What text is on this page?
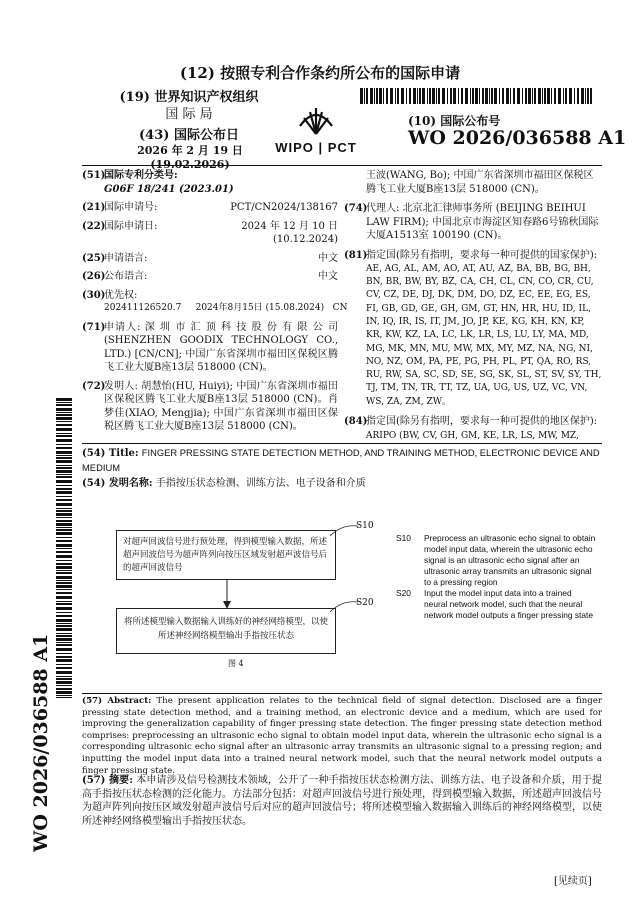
(12) 按照专利合作条约所公布的国际申请
(19) 世界知识产权组织
国 际 局
WIPO | PCT
(43) 国际公布日
2026 年 2 月 19 日 (19.02.2026)
(10) 国际公布号
WO 2026/036588 A1
WO 2026/036588 A1
(51)
国际专利分类号:
G06F 18/241 (2023.01)
(21)
国际申请号:	PCT/CN2024/138167
(22)
国际申请日:	2024 年 12 月 10 日 (10.12.2024)
(25)
申请语言:	中文
(26)
公布语言:	中文
(30)
优先权:
202411126520.7     2024年8月15日 (15.08.2024)   CN
(71)
申请人: 深 圳 市 汇 顶 科 技 股 份 有 限 公 司 (SHENZHEN GOODIX TECHNOLOGY CO., LTD.) [CN/CN]; 中国广东省深圳市福田区保税区腾飞工业大厦B座13层 518000 (CN)。
(72)
发明人: 胡慧怡(HU, Huiyi); 中国广东省深圳市福田区保税区腾飞工业大厦B座13层 518000 (CN)。肖梦佳(XIAO, Mengjia); 中国广东省深圳市福田区保税区腾飞工业大厦B座13层 518000 (CN)。
王波(WANG, Bo); 中国广东省深圳市福田区保税区腾飞工业大厦B座13层 518000 (CN)。
(74)
代理人: 北京北汇律师事务所 (BEIJING BEIHUI LAW FIRM); 中国北京市海淀区知春路6号锦秋国际大厦A1513室 100190 (CN)。
(81)
指定国(除另有指明，要求每一种可提供的国家保护): AE, AG, AL, AM, AO, AT, AU, AZ, BA, BB, BG, BH, BN, BR, BW, BY, BZ, CA, CH, CL, CN, CO, CR, CU, CV, CZ, DE, DJ, DK, DM, DO, DZ, EC, EE, EG, ES, FI, GB, GD, GE, GH, GM, GT, HN, HR, HU, ID, IL, IN, IQ, IR, IS, IT, JM, JO, JP, KE, KG, KH, KN, KP, KR, KW, KZ, LA, LC, LK, LR, LS, LU, LY, MA, MD, MG, MK, MN, MU, MW, MX, MY, MZ, NA, NG, NI, NO, NZ, OM, PA, PE, PG, PH, PL, PT, QA, RO, RS, RU, RW, SA, SC, SD, SE, SG, SK, SL, ST, SV, SY, TH, TJ, TM, TN, TR, TT, TZ, UA, UG, US, UZ, VC, VN, WS, ZA, ZM, ZW。
(84)
指定国(除另有指明，要求每一种可提供的地区保护): ARIPO (BW, CV, GH, GM, KE, LR, LS, MW, MZ,
(54) Title: FINGER PRESSING STATE DETECTION METHOD, AND TRAINING METHOD, ELECTRONIC DEVICE AND MEDIUM
(54) 发明名称: 手指按压状态检测、训练方法、电子设备和介质
对超声回波信号进行预处理，得到模型输入数据，所述超声回波信号为超声阵列向按压区域发射超声波信号后的超声回波信号
S10
将所述模型输入数据输入训练好的神经网络模型，以使所述神经网络模型输出手指按压状态
S20
图 4
S10	Preprocess an ultrasonic echo signal to obtain model input data, wherein the ultrasonic echo signal is an ultrasonic echo signal after an ultrasonic array transmits an ultrasonic signal to a pressing region
S20	Input the model input data into a trained neural network model, such that the neural network model outputs a finger pressing state
(57) Abstract: The present application relates to the technical field of signal detection. Disclosed are a finger pressing state detection method, and a training method, an electronic device and a medium, which are used for improving the generalization capability of finger pressing state detection. The finger pressing state detection method comprises: preprocessing an ultrasonic echo signal to obtain model input data, wherein the ultrasonic echo signal is a corresponding ultrasonic echo signal after an ultrasonic array transmits an ultrasonic signal to a pressing region; and inputting the model input data into a trained neural network model, such that the neural network model outputs a finger pressing state.
(57) 摘要: 本申请涉及信号检测技术领域，公开了一种手指按压状态检测方法、训练方法、电子设备和介质，用于提高手指按压状态检测的泛化能力。方法部分包括：对超声回波信号进行预处理，得到模型输入数据，所述超声回波信号为超声阵列向按压区域发射超声波信号后对应的超声回波信号；将所述模型输入数据输入训练后的神经网络模型，以使所述神经网络模型输出手指按压状态。
[见续页]
